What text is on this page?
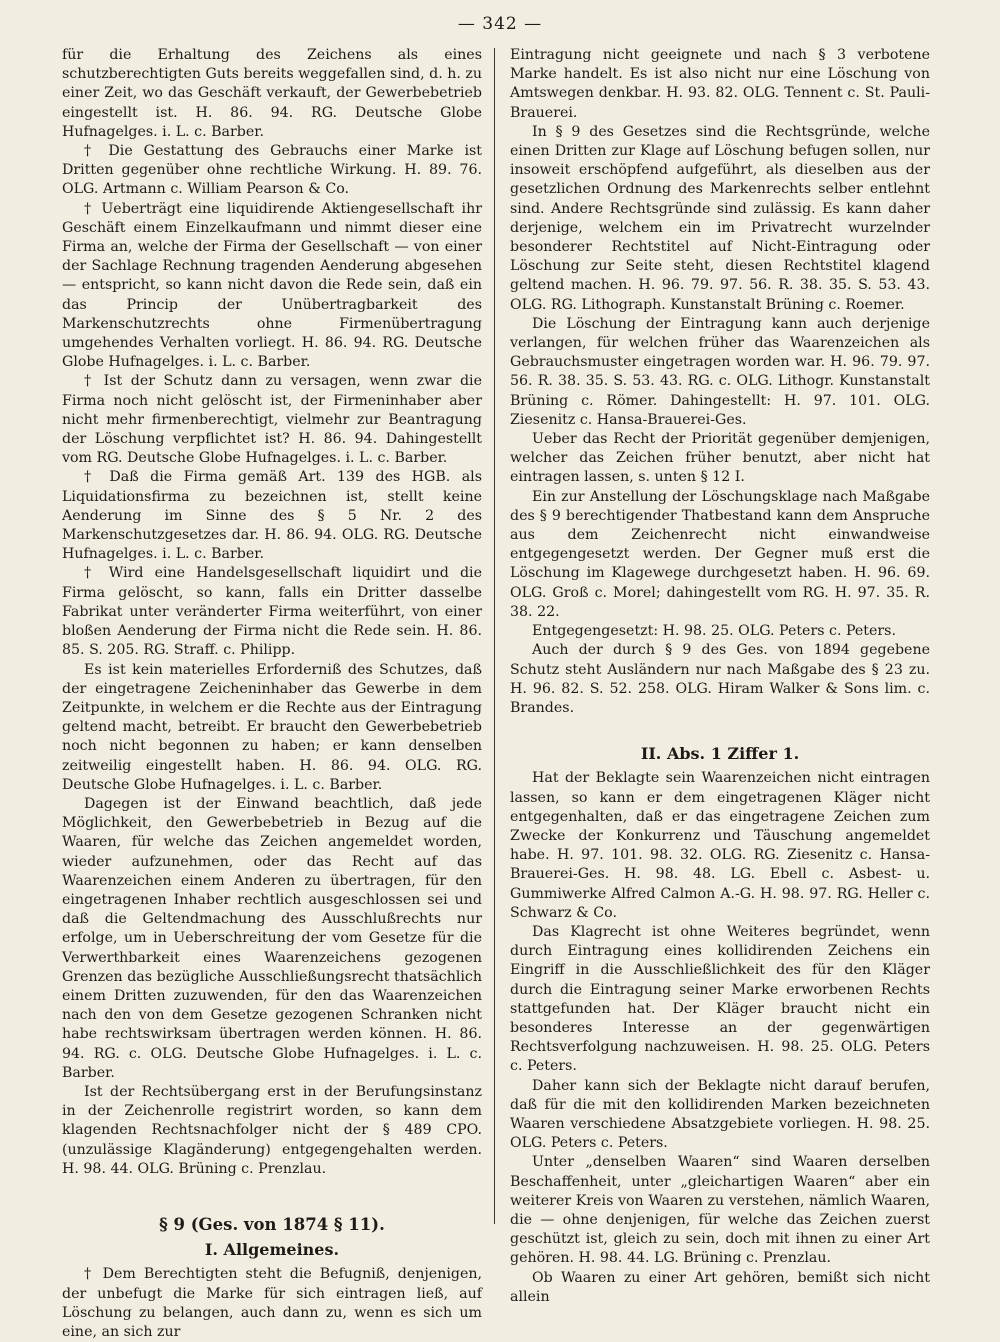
— 342 —

für die Erhaltung des Zeichens als eines schutzberechtigten Guts bereits weggefallen sind, d. h. zu einer Zeit, wo das Geschäft verkauft, der Gewerbebetrieb eingestellt ist. H. 86. 94. RG. Deutsche Globe Hufnagelges. i. L. c. Barber.

† Die Gestattung des Gebrauchs einer Marke ist Dritten gegenüber ohne rechtliche Wirkung. H. 89. 76. OLG. Artmann c. William Pearson & Co.

† Ueberträgt eine liquidirende Aktiengesellschaft ihr Geschäft einem Einzelkaufmann und nimmt dieser eine Firma an, welche der Firma der Gesellschaft — von einer der Sachlage Rechnung tragenden Aenderung abgesehen — entspricht, so kann nicht davon die Rede sein, daß ein das Princip der Unübertragbarkeit des Markenschutzrechts ohne Firmenübertragung umgehendes Verhalten vorliegt. H. 86. 94. RG. Deutsche Globe Hufnagelges. i. L. c. Barber.

† Ist der Schutz dann zu versagen, wenn zwar die Firma noch nicht gelöscht ist, der Firmeninhaber aber nicht mehr firmenberechtigt, vielmehr zur Beantragung der Löschung verpflichtet ist? H. 86. 94. Dahingestellt vom RG. Deutsche Globe Hufnagelges. i. L. c. Barber.

† Daß die Firma gemäß Art. 139 des HGB. als Liquidationsfirma zu bezeichnen ist, stellt keine Aenderung im Sinne des § 5 Nr. 2 des Markenschutzgesetzes dar. H. 86. 94. OLG. RG. Deutsche Hufnagelges. i. L. c. Barber.

† Wird eine Handelsgesellschaft liquidirt und die Firma gelöscht, so kann, falls ein Dritter dasselbe Fabrikat unter veränderter Firma weiterführt, von einer bloßen Aenderung der Firma nicht die Rede sein. H. 86. 85. S. 205. RG. Straff. c. Philipp.

Es ist kein materielles Erforderniß des Schutzes, daß der eingetragene Zeicheninhaber das Gewerbe in dem Zeitpunkte, in welchem er die Rechte aus der Eintragung geltend macht, betreibt. Er braucht den Gewerbebetrieb noch nicht begonnen zu haben; er kann denselben zeitweilig eingestellt haben. H. 86. 94. OLG. RG. Deutsche Globe Hufnagelges. i. L. c. Barber.

Dagegen ist der Einwand beachtlich, daß jede Möglichkeit, den Gewerbebetrieb in Bezug auf die Waaren, für welche das Zeichen angemeldet worden, wieder aufzunehmen, oder das Recht auf das Waarenzeichen einem Anderen zu übertragen, für den eingetragenen Inhaber rechtlich ausgeschlossen sei und daß die Geltendmachung des Ausschlußrechts nur erfolge, um in Ueberschreitung der vom Gesetze für die Verwerthbarkeit eines Waarenzeichens gezogenen Grenzen das bezügliche Ausschließungsrecht thatsächlich einem Dritten zuzuwenden, für den das Waarenzeichen nach den von dem Gesetze gezogenen Schranken nicht habe rechtswirksam übertragen werden können. H. 86. 94. RG. c. OLG. Deutsche Globe Hufnagelges. i. L. c. Barber.

Ist der Rechtsübergang erst in der Berufungsinstanz in der Zeichenrolle registrirt worden, so kann dem klagenden Rechtsnachfolger nicht der § 489 CPO. (unzulässige Klagänderung) entgegengehalten werden. H. 98. 44. OLG. Brüning c. Prenzlau.

§ 9 (Ges. von 1874 § 11).
I. Allgemeines.

† Dem Berechtigten steht die Befugniß, denjenigen, der unbefugt die Marke für sich eintragen ließ, auf Löschung zu belangen, auch dann zu, wenn es sich um eine, an sich zur

Eintragung nicht geeignete und nach § 3 verbotene Marke handelt. Es ist also nicht nur eine Löschung von Amtswegen denkbar. H. 93. 82. OLG. Tennent c. St. Pauli-Brauerei.

In § 9 des Gesetzes sind die Rechtsgründe, welche einen Dritten zur Klage auf Löschung befugen sollen, nur insoweit erschöpfend aufgeführt, als dieselben aus der gesetzlichen Ordnung des Markenrechts selber entlehnt sind. Andere Rechtsgründe sind zulässig. Es kann daher derjenige, welchem ein im Privatrecht wurzelnder besonderer Rechtstitel auf Nicht-Eintragung oder Löschung zur Seite steht, diesen Rechtstitel klagend geltend machen. H. 96. 79. 97. 56. R. 38. 35. S. 53. 43. OLG. RG. Lithograph. Kunstanstalt Brüning c. Roemer.

Die Löschung der Eintragung kann auch derjenige verlangen, für welchen früher das Waarenzeichen als Gebrauchsmuster eingetragen worden war. H. 96. 79. 97. 56. R. 38. 35. S. 53. 43. RG. c. OLG. Lithogr. Kunstanstalt Brüning c. Römer. Dahingestellt: H. 97. 101. OLG. Ziesenitz c. Hansa-Brauerei-Ges.

Ueber das Recht der Priorität gegenüber demjenigen, welcher das Zeichen früher benutzt, aber nicht hat eintragen lassen, s. unten § 12 I.

Ein zur Anstellung der Löschungsklage nach Maßgabe des § 9 berechtigender Thatbestand kann dem Anspruche aus dem Zeichenrecht nicht einwandweise entgegengesetzt werden. Der Gegner muß erst die Löschung im Klagewege durchgesetzt haben. H. 96. 69. OLG. Groß c. Morel; dahingestellt vom RG. H. 97. 35. R. 38. 22.

Entgegengesetzt: H. 98. 25. OLG. Peters c. Peters.

Auch der durch § 9 des Ges. von 1894 gegebene Schutz steht Ausländern nur nach Maßgabe des § 23 zu. H. 96. 82. S. 52. 258. OLG. Hiram Walker & Sons lim. c. Brandes.

II. Abs. 1 Ziffer 1.

Hat der Beklagte sein Waarenzeichen nicht eintragen lassen, so kann er dem eingetragenen Kläger nicht entgegenhalten, daß er das eingetragene Zeichen zum Zwecke der Konkurrenz und Täuschung angemeldet habe. H. 97. 101. 98. 32. OLG. RG. Ziesenitz c. Hansa-Brauerei-Ges. H. 98. 48. LG. Ebell c. Asbest- u. Gummiwerke Alfred Calmon A.-G. H. 98. 97. RG. Heller c. Schwarz & Co.

Das Klagrecht ist ohne Weiteres begründet, wenn durch Eintragung eines kollidirenden Zeichens ein Eingriff in die Ausschließlichkeit des für den Kläger durch die Eintragung seiner Marke erworbenen Rechts stattgefunden hat. Der Kläger braucht nicht ein besonderes Interesse an der gegenwärtigen Rechtsverfolgung nachzuweisen. H. 98. 25. OLG. Peters c. Peters.

Daher kann sich der Beklagte nicht darauf berufen, daß für die mit den kollidirenden Marken bezeichneten Waaren verschiedene Absatzgebiete vorliegen. H. 98. 25. OLG. Peters c. Peters.

Unter „denselben Waaren“ sind Waaren derselben Beschaffenheit, unter „gleichartigen Waaren“ aber ein weiterer Kreis von Waaren zu verstehen, nämlich Waaren, die — ohne denjenigen, für welche das Zeichen zuerst geschützt ist, gleich zu sein, doch mit ihnen zu einer Art gehören. H. 98. 44. LG. Brüning c. Prenzlau.

Ob Waaren zu einer Art gehören, bemißt sich nicht allein
